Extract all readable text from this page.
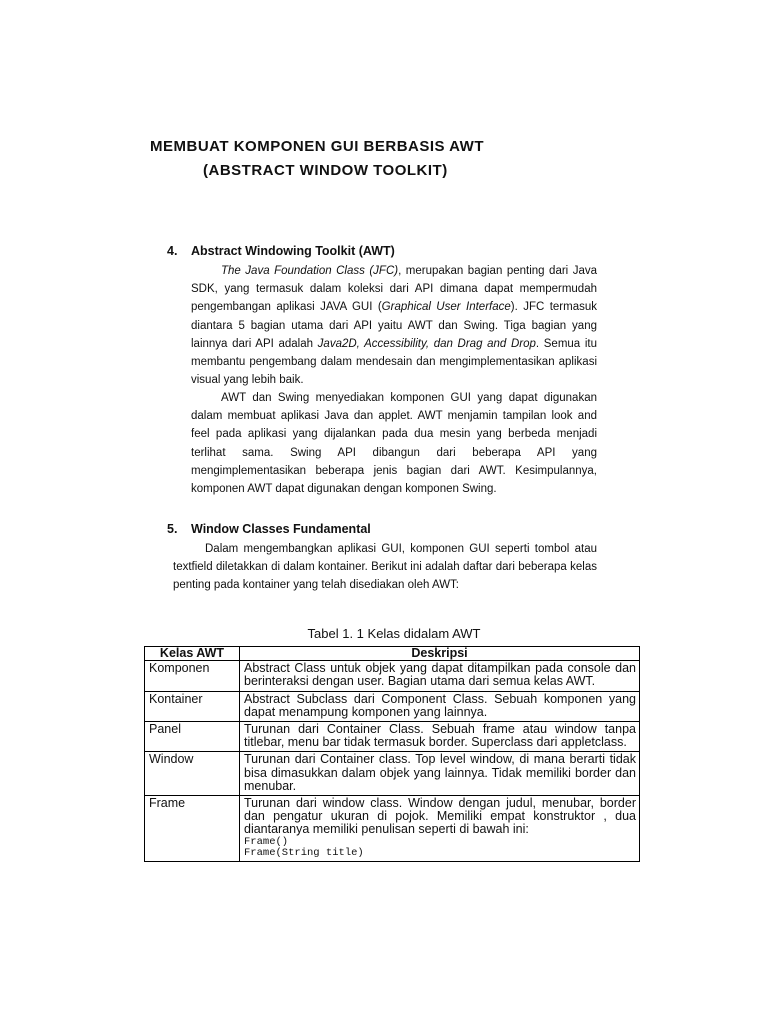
MEMBUAT KOMPONEN GUI BERBASIS AWT
(ABSTRACT WINDOW TOOLKIT)
4. Abstract Windowing Toolkit (AWT)

The Java Foundation Class (JFC), merupakan bagian penting dari Java SDK, yang termasuk dalam koleksi dari API dimana dapat mempermudah pengembangan aplikasi JAVA GUI (Graphical User Interface). JFC termasuk diantara 5 bagian utama dari API yaitu AWT dan Swing. Tiga bagian yang lainnya dari API adalah Java2D, Accessibility, dan Drag and Drop. Semua itu membantu pengembang dalam mendesain dan mengimplementasikan aplikasi visual yang lebih baik.

AWT dan Swing menyediakan komponen GUI yang dapat digunakan dalam membuat aplikasi Java dan applet. AWT menjamin tampilan look and feel pada aplikasi yang dijalankan pada dua mesin yang berbeda menjadi terlihat sama. Swing API dibangun dari beberapa API yang mengimplementasikan beberapa jenis bagian dari AWT. Kesimpulannya, komponen AWT dapat digunakan dengan komponen Swing.

5. Window Classes Fundamental

Dalam mengembangkan aplikasi GUI, komponen GUI seperti tombol atau textfield diletakkan di dalam kontainer. Berikut ini adalah daftar dari beberapa kelas penting pada kontainer yang telah disediakan oleh AWT:

Tabel 1. 1 Kelas didalam AWT
Kelas AWT	Deskripsi
Komponen	Abstract Class untuk objek yang dapat ditampilkan pada console dan berinteraksi dengan user. Bagian utama dari semua kelas AWT.
Kontainer	Abstract Subclass dari Component Class. Sebuah komponen yang dapat menampung komponen yang lainnya.
Panel	Turunan dari Container Class. Sebuah frame atau window tanpa titlebar, menu bar tidak termasuk border. Superclass dari appletclass.
Window	Turunan dari Container class. Top level window, di mana berarti tidak bisa dimasukkan dalam objek yang lainnya. Tidak memiliki border dan menubar.
Frame	Turunan dari window class. Window dengan judul, menubar, border dan pengatur ukuran di pojok. Memiliki empat konstruktor , dua diantaranya memiliki penulisan seperti di bawah ini:
Frame()
Frame(String title)
